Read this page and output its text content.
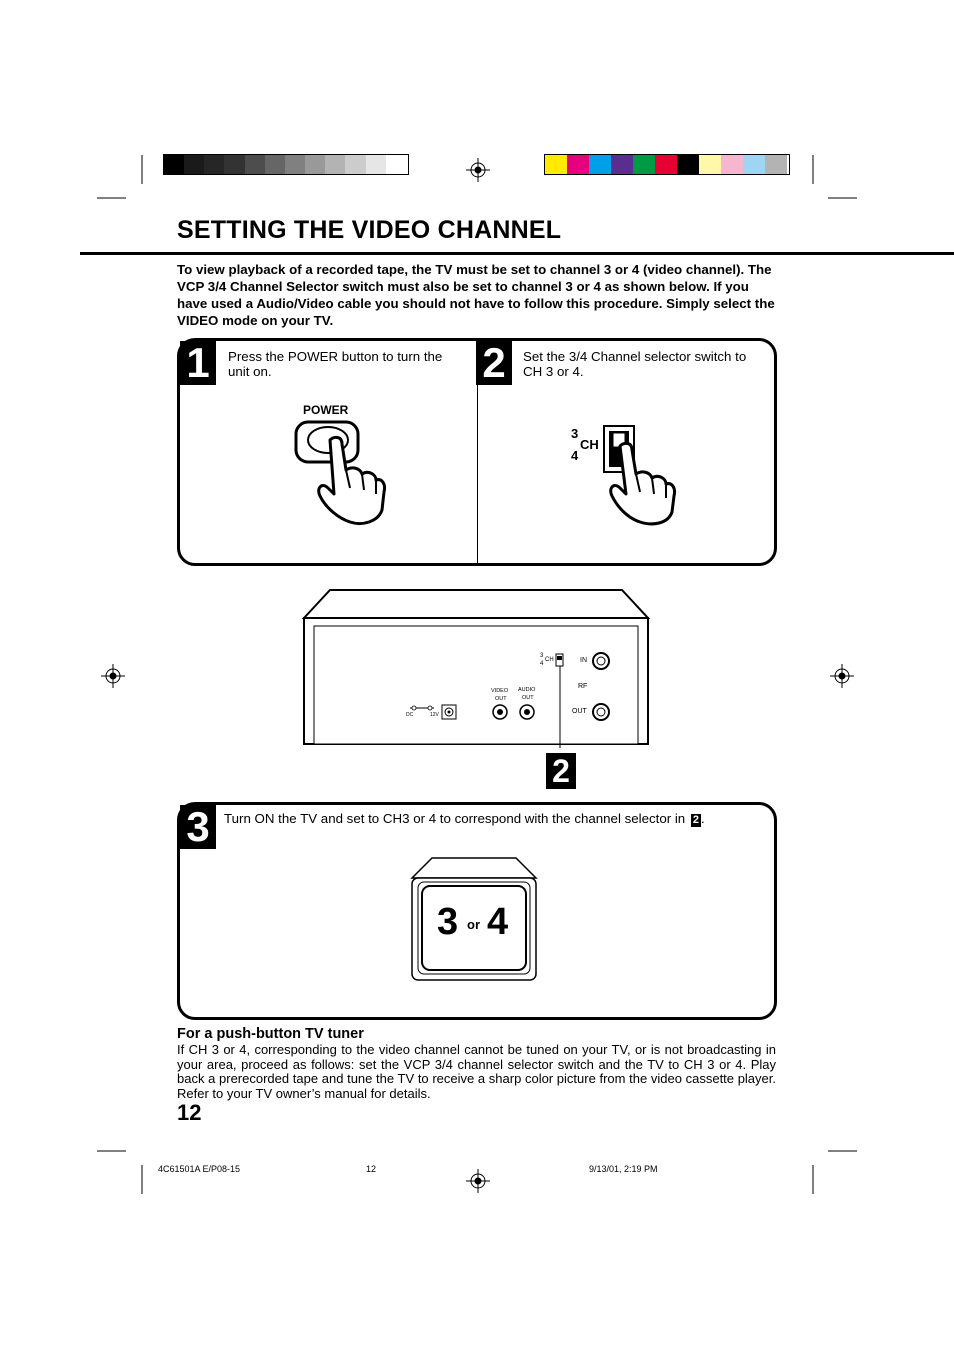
SETTING THE VIDEO CHANNEL
To view playback of a recorded tape, the TV must be set to channel 3 or 4 (video channel). The VCP 3/4 Channel Selector switch must also be set to channel 3 or 4 as shown below. If you have used a Audio/Video cable you should not have to follow this procedure. Simply select the VIDEO mode on your TV.
1	Press the POWER button to turn the unit on.
POWER
2	Set the 3/4 Channel selector switch to CH 3 or 4.
3
CH
4
3
CH
4	IN
RF
OUT
VIDEO
OUT
AUDIO
OUT
DC	12V
2
3	Turn ON the TV and set to CH3 or 4 to correspond with the channel selector in 2 .
3 or 4
For a push-button TV tuner
If CH 3 or 4, corresponding to the video channel cannot be tuned on your TV, or is not broadcasting in your area, proceed as follows: set the VCP 3/4 channel selector switch and the TV to CH 3 or 4. Play back a prerecorded tape and tune the TV to receive a sharp color picture from the video cassette player. Refer to your TV owner’s manual for details.
12
4C61501A E/P08-15	12	9/13/01, 2:19 PM
